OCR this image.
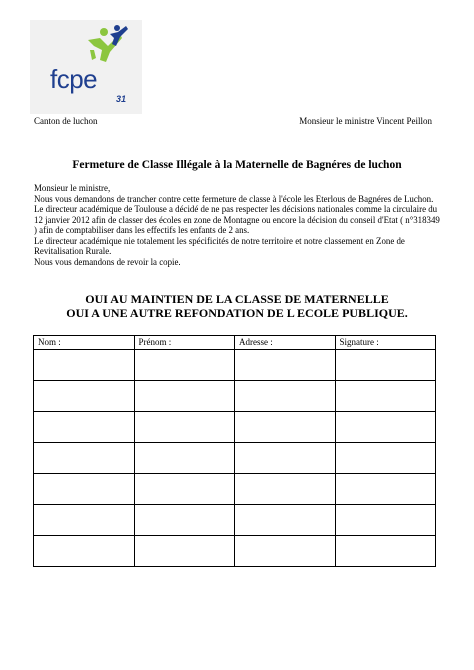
fcpe
31
Canton de luchon	Monsieur le ministre Vincent Peillon
Fermeture de Classe Illégale à la Maternelle de Bagnéres de luchon

Monsieur le ministre,

Nous vous demandons de trancher contre cette fermeture de classe à l'école les Eterlous de Bagnéres de Luchon.

Le directeur académique de Toulouse a décidé de ne pas respecter les décisions nationales comme la circulaire du 12 janvier 2012 afin de classer des écoles en zone de Montagne ou encore la décision du conseil d'Etat ( n°318349 ) afin de comptabiliser dans les effectifs les enfants de 2 ans.

Le directeur académique nie totalement les spécificités de notre territoire et notre classement en Zone de Revitalisation Rurale.

Nous vous demandons de revoir la copie.

OUI AU MAINTIEN DE LA CLASSE DE MATERNELLE
OUI A UNE AUTRE REFONDATION DE L ECOLE PUBLIQUE.
Nom :	Prénom :	Adresse :	Signature :
